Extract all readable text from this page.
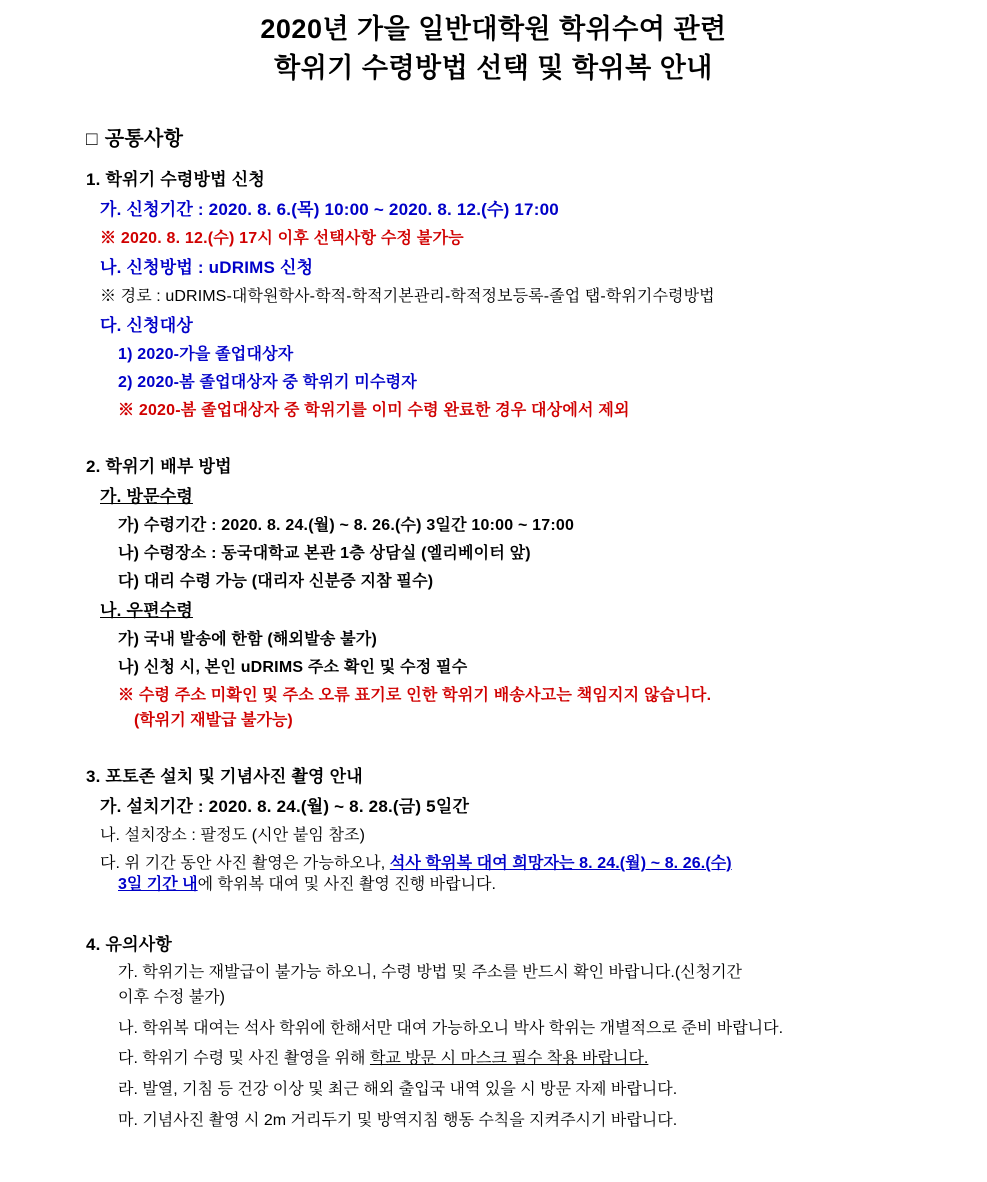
2020년 가을 일반대학원 학위수여 관련
학위기 수령방법 선택 및 학위복 안내
□ 공통사항
1. 학위기 수령방법 신청
가. 신청기간 : 2020. 8. 6.(목) 10:00 ~ 2020. 8. 12.(수) 17:00
※ 2020. 8. 12.(수) 17시 이후 선택사항 수정 불가능
나. 신청방법 : uDRIMS 신청
※ 경로 : uDRIMS-대학원학사-학적-학적기본관리-학적정보등록-졸업 탭-학위기수령방법
다. 신청대상
1) 2020-가을 졸업대상자
2) 2020-봄 졸업대상자 중 학위기 미수령자
※ 2020-봄 졸업대상자 중 학위기를 이미 수령 완료한 경우 대상에서 제외
2. 학위기 배부 방법
가. 방문수령
가) 수령기간 : 2020. 8. 24.(월) ~ 8. 26.(수) 3일간 10:00 ~ 17:00
나) 수령장소 : 동국대학교 본관 1층 상담실 (엘리베이터 앞)
다) 대리 수령 가능 (대리자 신분증 지참 필수)
나. 우편수령
가) 국내 발송에 한함 (해외발송 불가)
나) 신청 시, 본인 uDRIMS 주소 확인 및 수정 필수
※ 수령 주소 미확인 및 주소 오류 표기로 인한 학위기 배송사고는 책임지지 않습니다.
(학위기 재발급 불가능)
3. 포토존 설치 및 기념사진 촬영 안내
가. 설치기간 : 2020. 8. 24.(월) ~ 8. 28.(금) 5일간
나. 설치장소 : 팔정도 (시안 붙임 참조)
다. 위 기간 동안 사진 촬영은 가능하오나, 석사 학위복 대여 희망자는 8. 24.(월) ~ 8. 26.(수)
3일 기간 내에 학위복 대여 및 사진 촬영 진행 바랍니다.
4. 유의사항
가. 학위기는 재발급이 불가능 하오니, 수령 방법 및 주소를 반드시 확인 바랍니다.(신청기간
이후 수정 불가)
나. 학위복 대여는 석사 학위에 한해서만 대여 가능하오니 박사 학위는 개별적으로 준비 바랍니다.
다. 학위기 수령 및 사진 촬영을 위해 학교 방문 시 마스크 필수 착용 바랍니다.
라. 발열, 기침 등 건강 이상 및 최근 해외 출입국 내역 있을 시 방문 자제 바랍니다.
마. 기념사진 촬영 시 2m 거리두기 및 방역지침 행동 수칙을 지켜주시기 바랍니다.
